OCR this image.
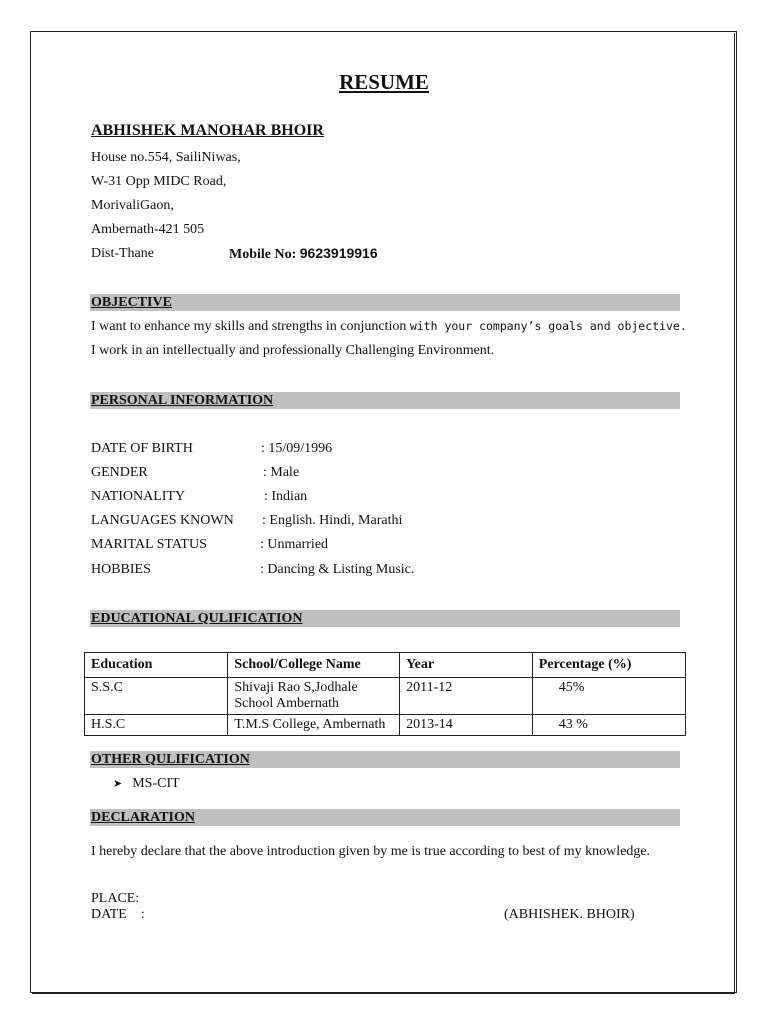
RESUME
ABHISHEK MANOHAR BHOIR
House no.554, SailiNiwas,
W-31 Opp MIDC Road,
MorivaliGaon,
Ambernath-421 505
Dist-Thane	Mobile No: 9623919916
OBJECTIVE
I want to enhance my skills and strengths in conjunction with your company’s goals and objective.
I work in an intellectually and professionally Challenging Environment.
PERSONAL INFORMATION
DATE OF BIRTH	: 15/09/1996
GENDER	: Male
NATIONALITY	: Indian
LANGUAGES KNOWN : English. Hindi, Marathi
MARITAL STATUS	: Unmarried
HOBBIES	: Dancing & Listing Music.
EDUCATIONAL QULIFICATION
Education	School/College Name	Year	Percentage (%)
S.S.C	Shivaji Rao S,Jodhale School Ambernath	2011-12	45%
H.S.C	T.M.S College, Ambernath	2013-14	43 %
OTHER QULIFICATION
➤ MS-CIT
DECLARATION
I hereby declare that the above introduction given by me is true according to best of my knowledge.
PLACE:
DATE    :	(ABHISHEK. BHOIR)
